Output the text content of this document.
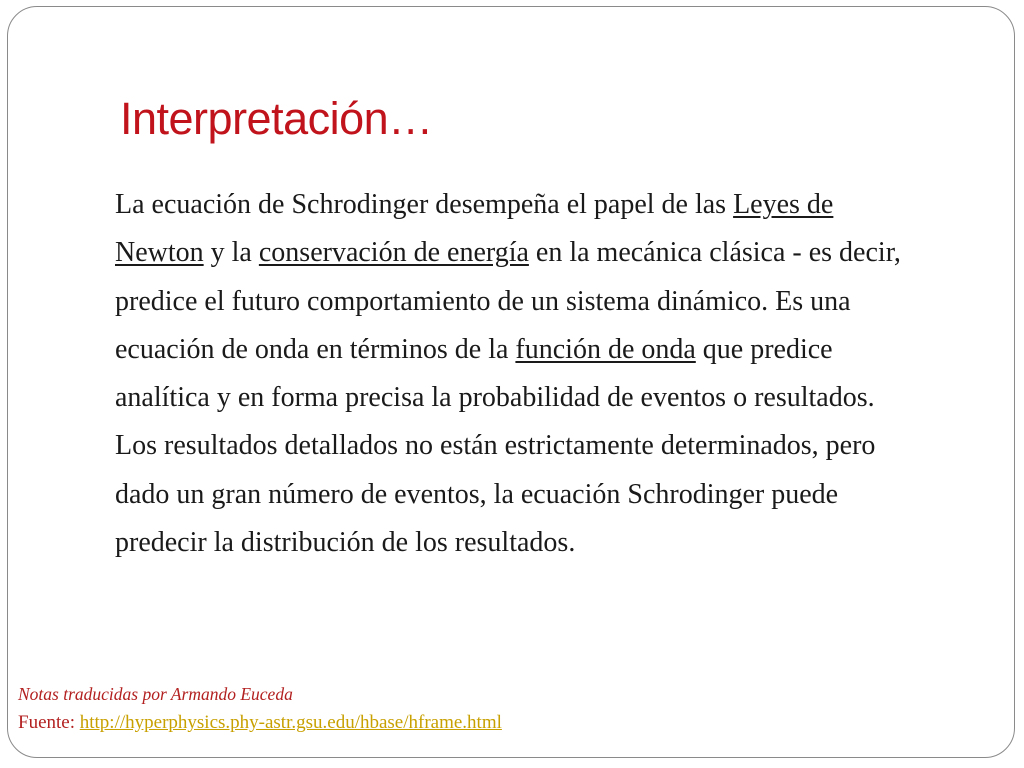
Interpretación…

La ecuación de Schrodinger desempeña el papel de las Leyes de Newton y la conservación de energía en la mecánica clásica - es decir, predice el futuro comportamiento de un sistema dinámico. Es una ecuación de onda en términos de la función de onda que predice analítica y en forma precisa la probabilidad de eventos o resultados. Los resultados detallados no están estrictamente determinados, pero dado un gran número de eventos, la ecuación Schrodinger puede predecir la distribución de los resultados.

Notas traducidas por Armando Euceda

Fuente: http://hyperphysics.phy-astr.gsu.edu/hbase/hframe.html
